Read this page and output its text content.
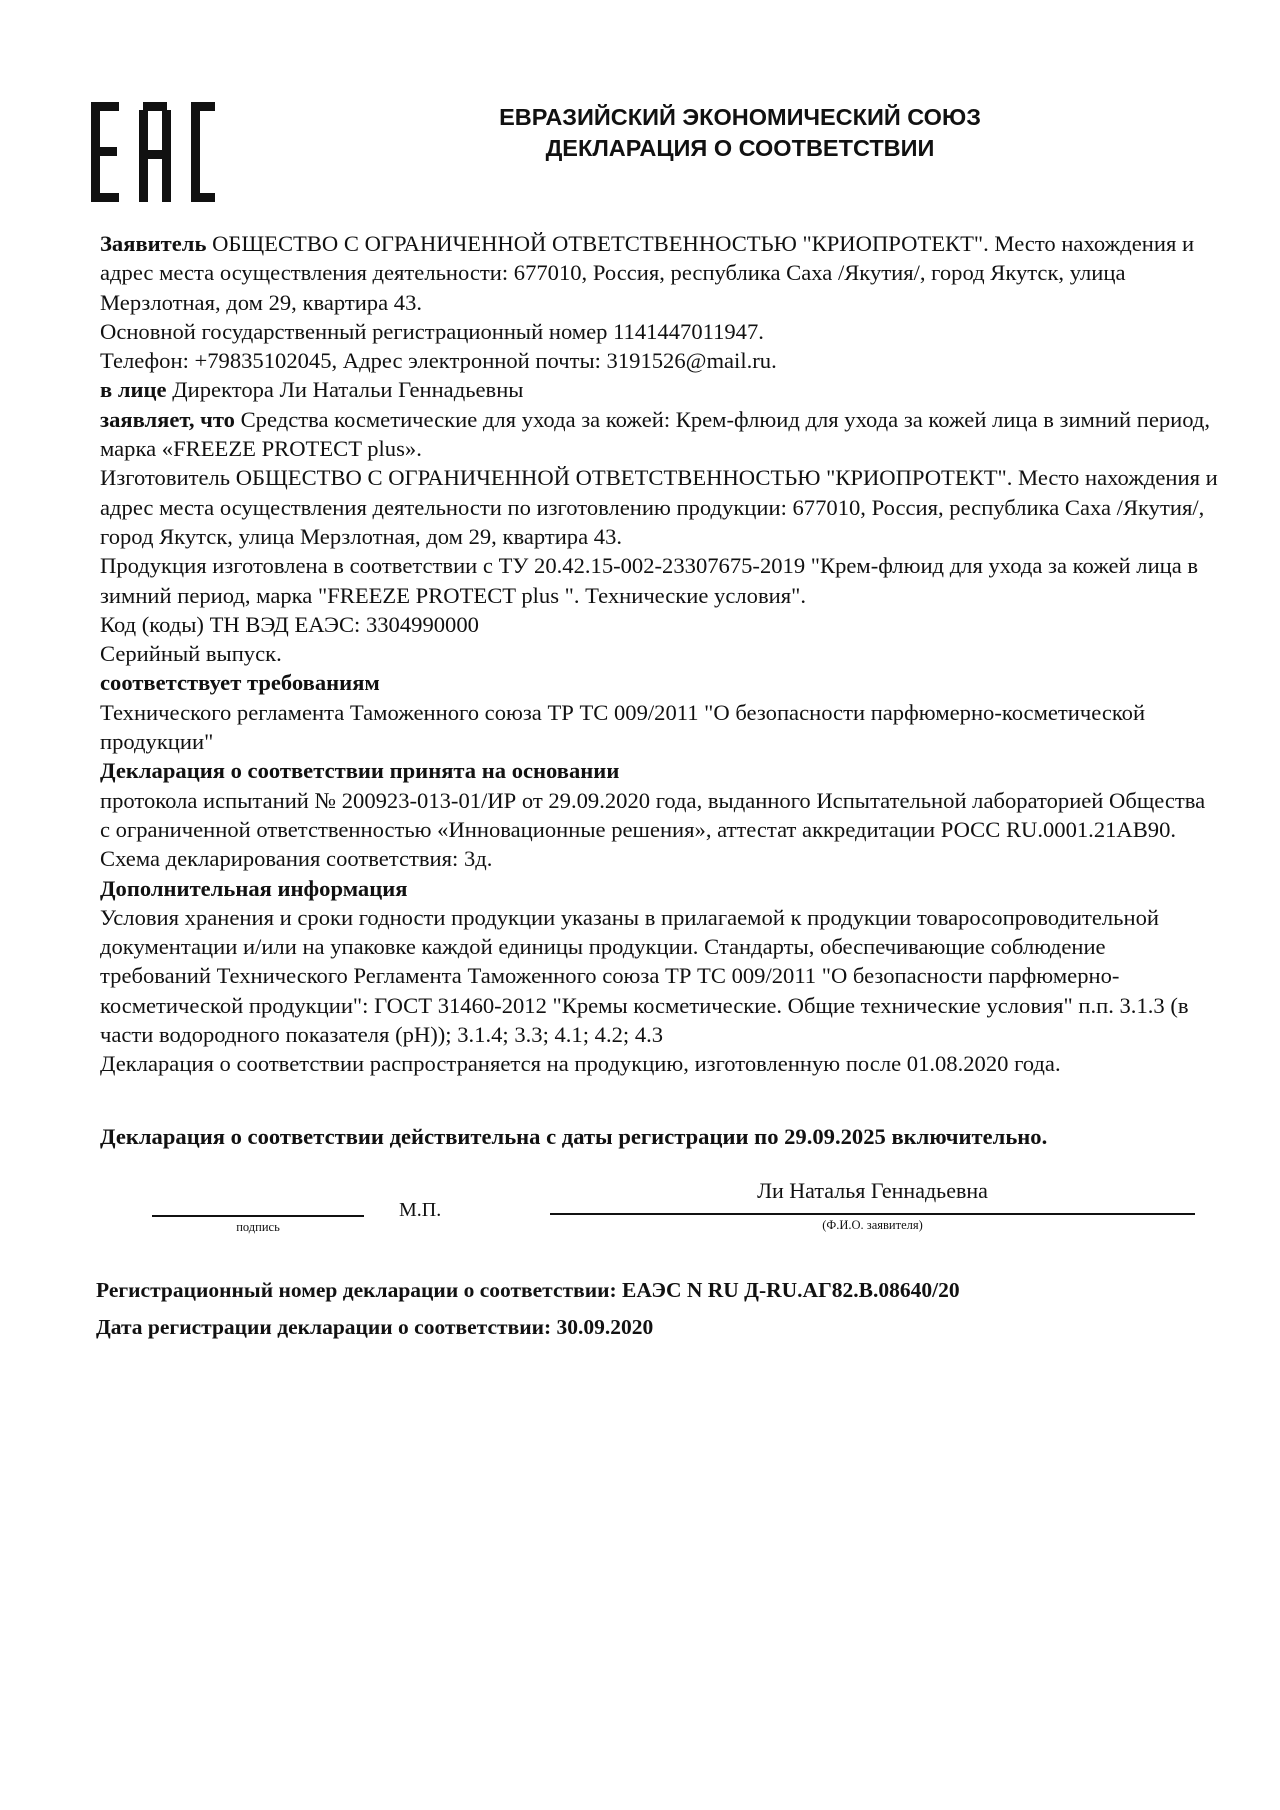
ЕВРАЗИЙСКИЙ ЭКОНОМИЧЕСКИЙ СОЮЗ
ДЕКЛАРАЦИЯ О СООТВЕТСТВИИ

Заявитель ОБЩЕСТВО С ОГРАНИЧЕННОЙ ОТВЕТСТВЕННОСТЬЮ "КРИОПРОТЕКТ". Место нахождения и адрес места осуществления деятельности: 677010, Россия, республика Саха /Якутия/, город Якутск, улица Мерзлотная, дом 29, квартира 43.

Основной государственный регистрационный номер 1141447011947.

Телефон: +79835102045, Адрес электронной почты: 3191526@mail.ru.

в лице Директора Ли Натальи Геннадьевны

заявляет, что Средства косметические для ухода за кожей: Крем-флюид для ухода за кожей лица в зимний период, марка «FREEZE PROTECT plus».

Изготовитель ОБЩЕСТВО С ОГРАНИЧЕННОЙ ОТВЕТСТВЕННОСТЬЮ "КРИОПРОТЕКТ". Место нахождения и адрес места осуществления деятельности по изготовлению продукции: 677010, Россия, республика Саха /Якутия/, город Якутск, улица Мерзлотная, дом 29, квартира 43.

Продукция изготовлена в соответствии с ТУ 20.42.15-002-23307675-2019 "Крем-флюид для ухода за кожей лица в зимний период, марка "FREEZE PROTECT plus ". Технические условия".

Код (коды) ТН ВЭД ЕАЭС: 3304990000

Серийный выпуск.

соответствует требованиям

Технического регламента Таможенного союза ТР ТС 009/2011 "О безопасности парфюмерно-косметической продукции"

Декларация о соответствии принята на основании

протокола испытаний № 200923-013-01/ИР от 29.09.2020 года, выданного Испытательной лабораторией Общества с ограниченной ответственностью «Инновационные решения», аттестат аккредитации РОСС RU.0001.21АВ90.

Схема декларирования соответствия: 3д.

Дополнительная информация

Условия хранения и сроки годности продукции указаны в прилагаемой к продукции товаросопроводительной документации и/или на упаковке каждой единицы продукции. Стандарты, обеспечивающие соблюдение требований Технического Регламента Таможенного союза ТР ТС 009/2011 "О безопасности парфюмерно-косметической продукции": ГОСТ 31460-2012 "Кремы косметические. Общие технические условия" п.п. 3.1.3 (в части водородного показателя (рН)); 3.1.4; 3.3; 4.1; 4.2; 4.3

Декларация о соответствии распространяется на продукцию, изготовленную после 01.08.2020 года.

Декларация о соответствии действительна с даты регистрации по 29.09.2025 включительно.
подпись
М.П.
Ли Наталья Геннадьевна
(Ф.И.О. заявителя)
Регистрационный номер декларации о соответствии: ЕАЭС N RU Д-RU.АГ82.В.08640/20
Дата регистрации декларации о соответствии: 30.09.2020
